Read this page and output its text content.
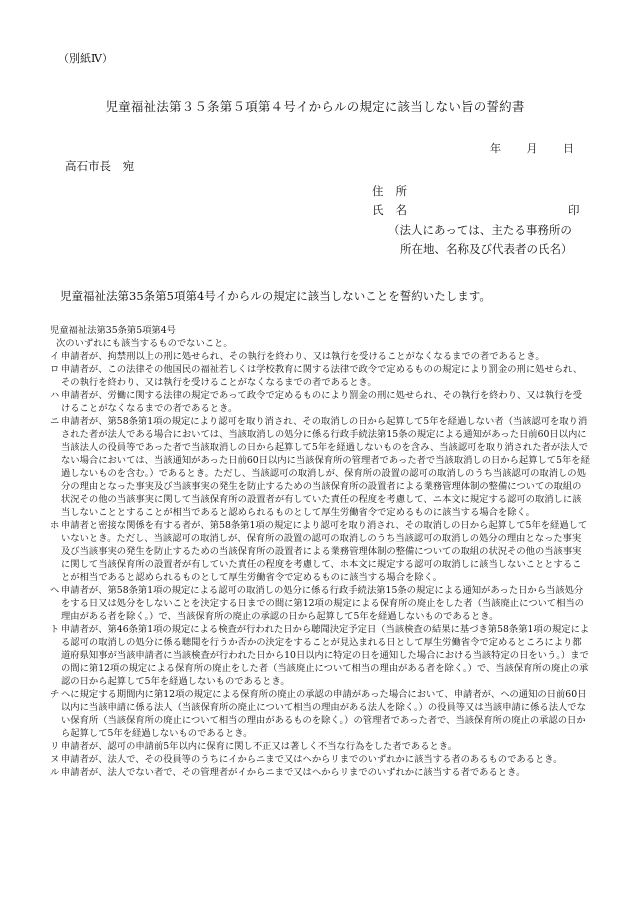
（別紙Ⅳ）
児童福祉法第３５条第５項第４号イからルの規定に該当しない旨の誓約書
年 月 日
高石市長 宛
住所
氏名	印
（法人にあっては、主たる事務所の
所在地、名称及び代表者の氏名）
児童福祉法第35条第5項第4号イからルの規定に該当しないことを誓約いたします。
児童福祉法第35条第5項第4号
次のいずれにも該当するものでないこと。
イ 申請者が、拘禁刑以上の刑に処せられ、その執行を終わり、又は執行を受けることがなくなるまでの者であるとき。
ロ 申請者が、この法律その他国民の福祉若しくは学校教育に関する法律で政令で定めるものの規定により罰金の刑に処せられ、その執行を終わり、又は執行を受けることがなくなるまでの者であるとき。
ハ 申請者が、労働に関する法律の規定であって政令で定めるものにより罰金の刑に処せられ、その執行を終わり、又は執行を受けることがなくなるまでの者であるとき。
ニ 申請者が、第58条第1項の規定により認可を取り消され、その取消しの日から起算して5年を経過しない者（当該認可を取り消された者が法人である場合においては、当該取消しの処分に係る行政手続法第15条の規定による通知があった日前60日以内に当該法人の役員等であった者で当該取消しの日から起算して5年を経過しないものを含み、当該認可を取り消された者が法人でない場合においては、当該通知があった日前60日以内に当該保育所の管理者であった者で当該取消しの日から起算して5年を経過しないものを含む。）であるとき。ただし、当該認可の取消しが、保育所の設置の認可の取消しのうち当該認可の取消しの処分の理由となった事実及び当該事実の発生を防止するための当該保育所の設置者による業務管理体制の整備についての取組の状況その他の当該事実に関して当該保育所の設置者が有していた責任の程度を考慮して、ニ本文に規定する認可の取消しに該当しないこととすることが相当であると認められるものとして厚生労働省令で定めるものに該当する場合を除く。
ホ 申請者と密接な関係を有する者が、第58条第1項の規定により認可を取り消され、その取消しの日から起算して5年を経過していないとき。ただし、当該認可の取消しが、保育所の設置の認可の取消しのうち当該認可の取消しの処分の理由となった事実及び当該事実の発生を防止するための当該保育所の設置者による業務管理体制の整備についての取組の状況その他の当該事実に関して当該保育所の設置者が有していた責任の程度を考慮して、ホ本文に規定する認可の取消しに該当しないこととすることが相当であると認められるものとして厚生労働省令で定めるものに該当する場合を除く。
ヘ 申請者が、第58条第1項の規定による認可の取消しの処分に係る行政手続法第15条の規定による通知があった日から当該処分をする日又は処分をしないことを決定する日までの間に第12項の規定による保育所の廃止をした者（当該廃止について相当の理由がある者を除く。）で、当該保育所の廃止の承認の日から起算して5年を経過しないものであるとき。
ト 申請者が、第46条第1項の規定による検査が行われた日から聴聞決定予定日（当該検査の結果に基づき第58条第1項の規定による認可の取消しの処分に係る聴聞を行うか否かの決定をすることが見込まれる日として厚生労働省令で定めるところにより都道府県知事が当該申請者に当該検査が行われた日から10日以内に特定の日を通知した場合における当該特定の日をいう。）までの間に第12項の規定による保育所の廃止をした者（当該廃止について相当の理由がある者を除く。）で、当該保育所の廃止の承認の日から起算して5年を経過しないものであるとき。
チ ヘに規定する期間内に第12項の規定による保育所の廃止の承認の申請があった場合において、申請者が、ヘの通知の日前60日以内に当該申請に係る法人（当該保育所の廃止について相当の理由がある法人を除く。）の役員等又は当該申請に係る法人でない保育所（当該保育所の廃止について相当の理由があるものを除く。）の管理者であった者で、当該保育所の廃止の承認の日から起算して5年を経過しないものであるとき。
リ 申請者が、認可の申請前5年以内に保育に関し不正又は著しく不当な行為をした者であるとき。
ヌ 申請者が、法人で、その役員等のうちにイからニまで又はヘからリまでのいずれかに該当する者のあるものであるとき。
ル 申請者が、法人でない者で、その管理者がイからニまで又はヘからリまでのいずれかに該当する者であるとき。
